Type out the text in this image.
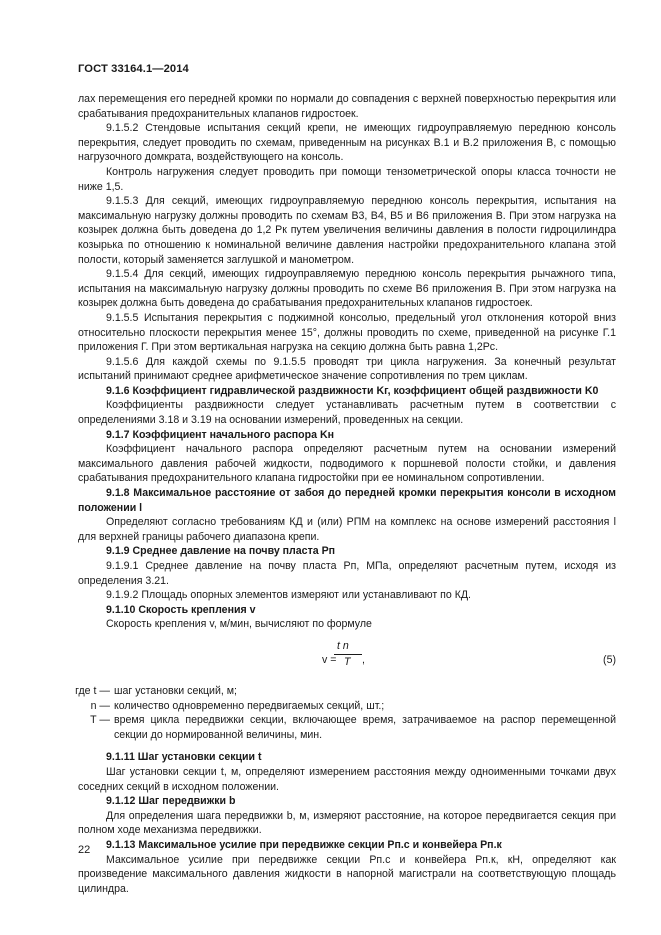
ГОСТ 33164.1—2014

лах перемещения его передней кромки по нормали до совпадения с верхней поверхностью перекрытия или срабатывания предохранительных клапанов гидростоек.

9.1.5.2 Стендовые испытания секций крепи, не имеющих гидроуправляемую переднюю консоль перекрытия, следует проводить по схемам, приведенным на рисунках В.1 и В.2 приложения В, с помощью нагрузочного домкрата, воздействующего на консоль.

Контроль нагружения следует проводить при помощи тензометрической опоры класса точности не ниже 1,5.

9.1.5.3 Для секций, имеющих гидроуправляемую переднюю консоль перекрытия, испытания на максимальную нагрузку должны проводить по схемам В3, В4, В5 и В6 приложения В. При этом нагрузка на козырек должна быть доведена до 1,2 Рк путем увеличения величины давления в полости гидроцилиндра козырька по отношению к номинальной величине давления настройки предохранительного клапана этой полости, который заменяется заглушкой и манометром.

9.1.5.4 Для секций, имеющих гидроуправляемую переднюю консоль перекрытия рычажного типа, испытания на максимальную нагрузку должны проводить по схеме В6 приложения В. При этом нагрузка на козырек должна быть доведена до срабатывания предохранительных клапанов гидростоек.

9.1.5.5 Испытания перекрытия с поджимной консолью, предельный угол отклонения которой вниз относительно плоскости перекрытия менее 15°, должны проводить по схеме, приведенной на рисунке Г.1 приложения Г. При этом вертикальная нагрузка на секцию должна быть равна 1,2Pс.

9.1.5.6 Для каждой схемы по 9.1.5.5 проводят три цикла нагружения. За конечный результат испытаний принимают среднее арифметическое значение сопротивления по трем циклам.

9.1.6 Коэффициент гидравлической раздвижности Kг, коэффициент общей раздвижности K0

Коэффициенты раздвижности следует устанавливать расчетным путем в соответствии с определениями 3.18 и 3.19 на основании измерений, проведенных на секции.

9.1.7 Коэффициент начального распора Kн

Коэффициент начального распора определяют расчетным путем на основании измерений максимального давления рабочей жидкости, подводимого к поршневой полости стойки, и давления срабатывания предохранительного клапана гидростойки при ее номинальном сопротивлении.

9.1.8 Максимальное расстояние от забоя до передней кромки перекрытия консоли в исходном положении l

Определяют согласно требованиям КД и (или) РПМ на комплекс на основе измерений расстояния l для верхней границы рабочего диапазона крепи.

9.1.9 Среднее давление на почву пласта Pп

9.1.9.1 Среднее давление на почву пласта Pп, МПа, определяют расчетным путем, исходя из определения 3.21.

9.1.9.2 Площадь опорных элементов измеряют или устанавливают по КД.

9.1.10 Скорость крепления v

Скорость крепления v, м/мин, вычисляют по формуле

v =
t n
T ,	(5)
где t — шаг установки секций, м;
n — количество одновременно передвигаемых секций, шт.;
T — время цикла передвижки секции, включающее время, затрачиваемое на распор перемещенной секции до нормированной величины, мин.

9.1.11 Шаг установки секции t

Шаг установки секции t, м, определяют измерением расстояния между одноименными точками двух соседних секций в исходном положении.

9.1.12 Шаг передвижки b

Для определения шага передвижки b, м, измеряют расстояние, на которое передвигается секция при полном ходе механизма передвижки.

9.1.13 Максимальное усилие при передвижке секции Pп.с и конвейера Pп.к

Максимальное усилие при передвижке секции Pп.с и конвейера Pп.к, кН, определяют как произведение максимального давления жидкости в напорной магистрали на соответствующую площадь цилиндра.

22
